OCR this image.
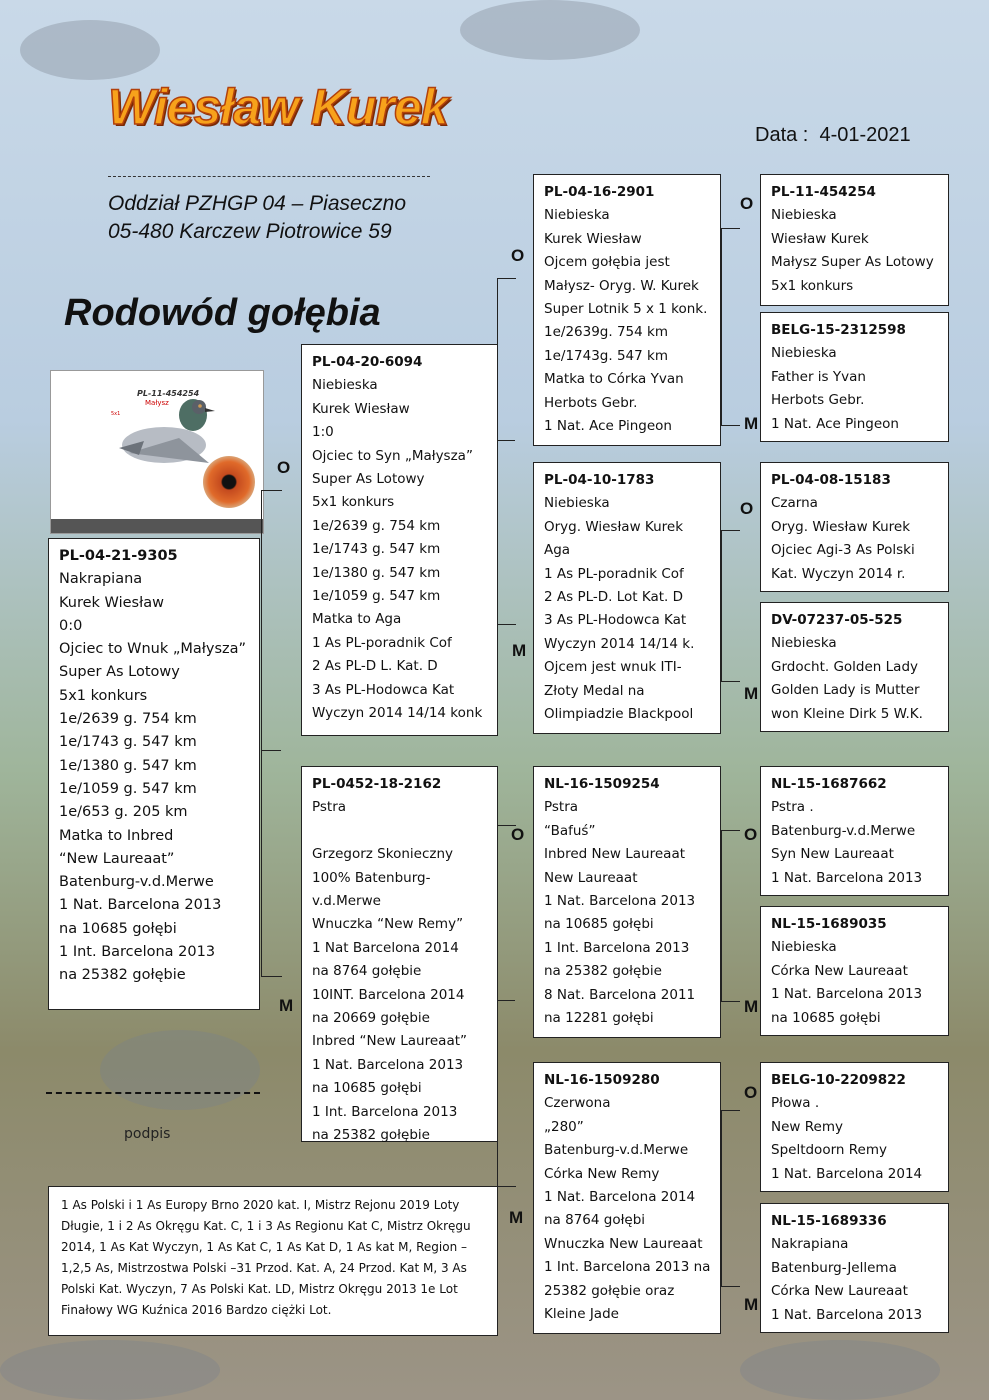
Wiesław Kurek	Data : 4-01-2021
Oddział PZHGP 04 – Piaseczno
05-480 Karczew Piotrowice 59
Rodowód gołębia
PL-11-454254
Małysz
5x1
O
M
O
M
O
M
O
M
O
M
O
M
O
M
PL-04-21-9305
Nakrapiana
Kurek Wiesław
0:0
Ojciec to Wnuk „Małysza”
Super As Lotowy
5x1 konkurs
1e/2639 g. 754 km
1e/1743 g. 547 km
1e/1380 g. 547 km
1e/1059 g. 547 km
1e/653 g. 205 km
Matka to Inbred
“New Laureaat”
Batenburg-v.d.Merwe
1 Nat. Barcelona 2013
na 10685 gołębi
1 Int. Barcelona 2013
na 25382 gołębie
PL-04-20-6094
Niebieska
Kurek Wiesław
1:0
Ojciec to Syn „Małysza”
Super As Lotowy
5x1 konkurs
1e/2639 g. 754 km
1e/1743 g. 547 km
1e/1380 g. 547 km
1e/1059 g. 547 km
Matka to Aga
1 As PL-poradnik Cof
2 As PL-D L. Kat. D
3 As PL-Hodowca Kat
Wyczyn 2014 14/14 konk
PL-0452-18-2162
Pstra

Grzegorz Skonieczny
100% Batenburg-
v.d.Merwe
Wnuczka “New Remy”
1 Nat Barcelona 2014
na 8764 gołębie
10INT. Barcelona 2014
na 20669 gołębie
Inbred “New Laureaat”
1 Nat. Barcelona 2013
na 10685 gołębi
1 Int. Barcelona 2013
na 25382 gołębie
PL-04-16-2901
Niebieska
Kurek Wiesław
Ojcem gołębia jest
Małysz- Oryg. W. Kurek
Super Lotnik 5 x 1 konk.
1e/2639g. 754 km
1e/1743g. 547 km
Matka to Córka Yvan
Herbots Gebr.
1 Nat. Ace Pingeon
PL-04-10-1783
Niebieska
Oryg. Wiesław Kurek
Aga
1 As PL-poradnik Cof
2 As PL-D. Lot Kat. D
3 As PL-Hodowca Kat
Wyczyn 2014 14/14 k.
Ojcem jest wnuk ITI-
Złoty Medal na
Olimpiadzie Blackpool
NL-16-1509254
Pstra
“Bafuś”
Inbred New Laureaat
New Laureaat
1 Nat. Barcelona 2013
na 10685 gołębi
1 Int. Barcelona 2013
na 25382 gołębie
8 Nat. Barcelona 2011
na 12281 gołębi
NL-16-1509280
Czerwona
„280”
Batenburg-v.d.Merwe
Córka New Remy
1 Nat. Barcelona 2014
na 8764 gołębi
Wnuczka New Laureaat
1 Int. Barcelona 2013 na
25382 gołębie oraz
Kleine Jade
PL-11-454254
Niebieska
Wiesław Kurek
Małysz Super As Lotowy
5x1 konkurs
BELG-15-2312598
Niebieska
Father is Yvan
Herbots Gebr.
1 Nat. Ace Pingeon
PL-04-08-15183
Czarna
Oryg. Wiesław Kurek
Ojciec Agi-3 As Polski
Kat. Wyczyn 2014 r.
DV-07237-05-525
Niebieska
Grdocht. Golden Lady
Golden Lady is Mutter
won Kleine Dirk 5 W.K.
NL-15-1687662
Pstra .
Batenburg-v.d.Merwe
Syn New Laureaat
1 Nat. Barcelona 2013
NL-15-1689035
Niebieska
Córka New Laureaat
1 Nat. Barcelona 2013
na 10685 gołębi
BELG-10-2209822
Płowa .
New Remy
Speltdoorn Remy
1 Nat. Barcelona 2014
NL-15-1689336
Nakrapiana
Batenburg-Jellema
Córka New Laureaat
1 Nat. Barcelona 2013
podpis
1 As Polski i 1 As Europy Brno 2020 kat. I, Mistrz Rejonu 2019 Loty Długie, 1 i 2 As Okręgu Kat. C, 1 i 3 As Regionu Kat C, Mistrz Okręgu 2014, 1 As Kat Wyczyn, 1 As Kat C, 1 As Kat D, 1 As kat M, Region – 1,2,5 As, Mistrzostwa Polski –31 Przod. Kat. A, 24 Przod. Kat M, 3 As Polski Kat. Wyczyn, 7 As Polski Kat. LD, Mistrz Okręgu 2013 1e Lot Finałowy WG Kuźnica 2016 Bardzo ciężki Lot.
